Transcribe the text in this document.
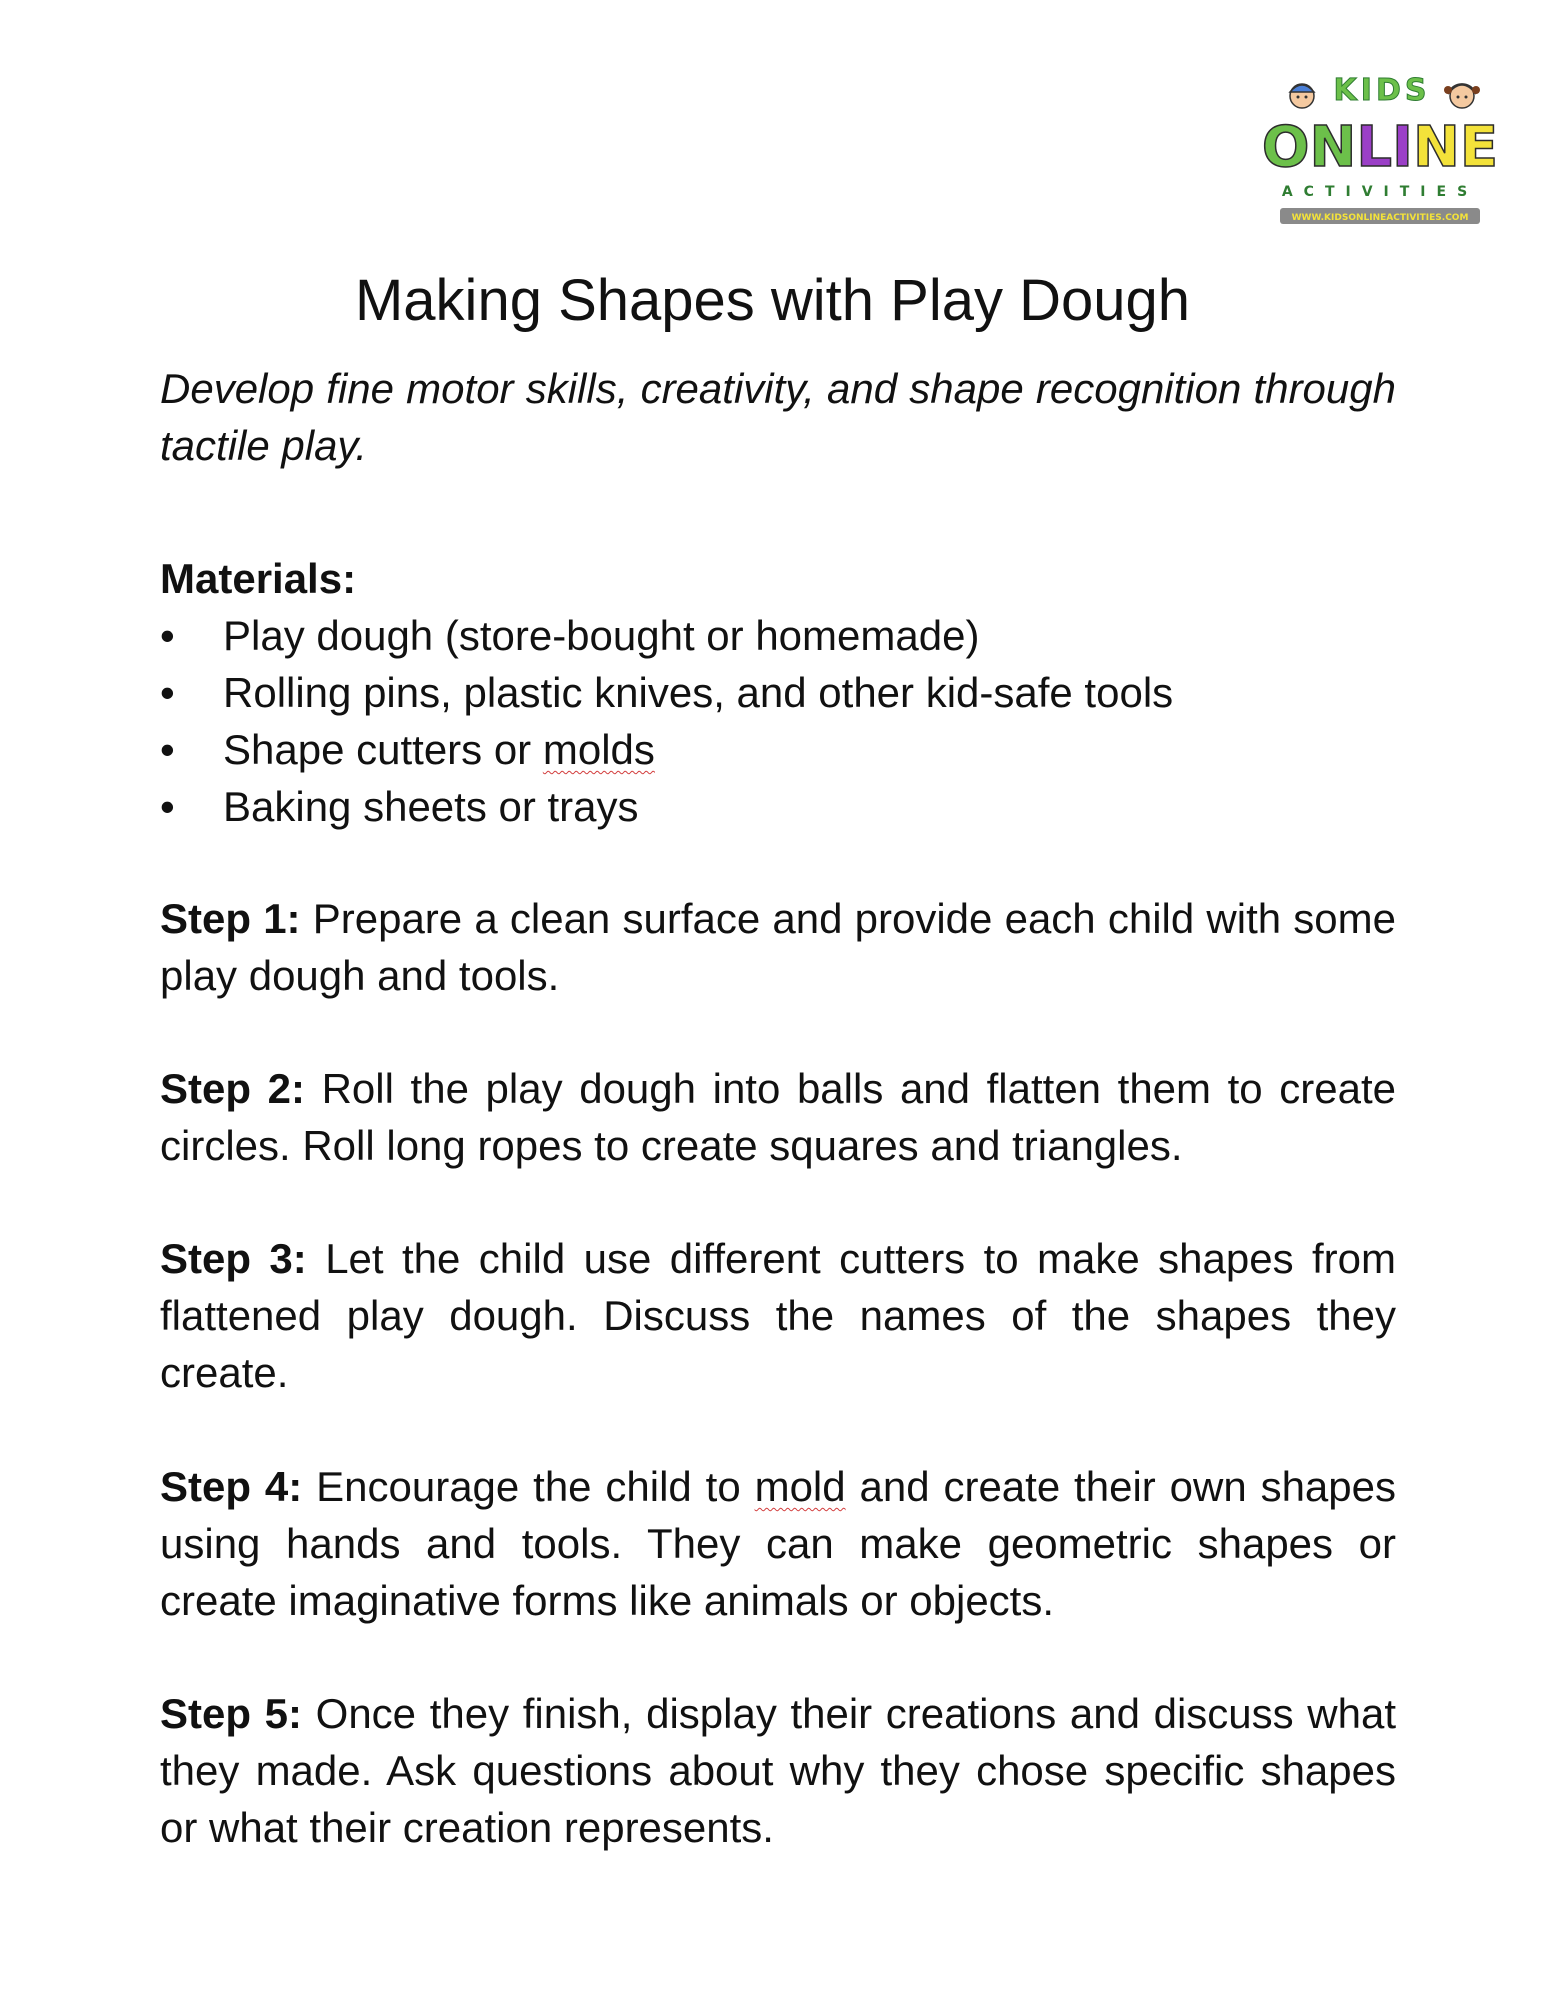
KIDS
ONLINE
ACTIVITIES
WWW.KIDSONLINEACTIVITIES.COM
Making Shapes with Play Dough
Develop fine motor skills, creativity, and shape recognition through tactile play.
Materials:
• Play dough (store-bought or homemade)
• Rolling pins, plastic knives, and other kid-safe tools
• Shape cutters or molds
• Baking sheets or trays
Step 1: Prepare a clean surface and provide each child with some play dough and tools.
Step 2: Roll the play dough into balls and flatten them to create circles. Roll long ropes to create squares and triangles.
Step 3: Let the child use different cutters to make shapes from flattened play dough. Discuss the names of the shapes they create.
Step 4: Encourage the child to mold and create their own shapes using hands and tools. They can make geometric shapes or create imaginative forms like animals or objects.
Step 5: Once they finish, display their creations and discuss what they made. Ask questions about why they chose specific shapes or what their creation represents.
